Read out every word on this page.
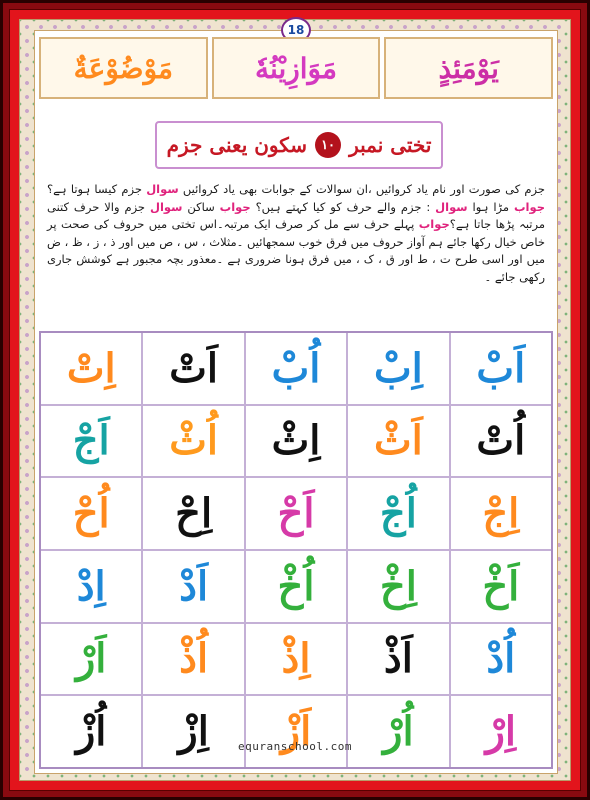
18
مَوْضُوْعَةٌ	مَوَازِيْنُهٗ	يَوْمَئِذٍ
تختی نمبر
١٠
سکون یعنی جزم
جزم کی صورت اور نام یاد کروائیں ،ان سوالات کے جوابات بھی یاد کروائیں سوال جزم کیسا ہوتا ہے؟جواب مڑا ہوا سوال : جزم والے حرف کو کیا کہتے ہیں؟ جواب ساکن سوال جزم والا حرف کتنی مرتبہ پڑھا جاتا ہے؟جواب پہلے حرف سے مل کر صرف ایک مرتبہ۔اس تختی میں حروف کی صحت پر خاص خیال رکھا جائے ہم آواز حروف میں فرق خوب سمجھائیں ۔مثلاث ، س ، ص میں اور ذ ، ز ، ظ ، ض میں اور اسی طرح ت ، ط اور ق ، ک ، میں فرق ہونا ضروری ہے ۔معذور بچہ مجبور ہے کوشش جاری رکھی جائے ۔
اِتْ	اَتْ	اُبْ	اِبْ	اَبْ
اَجْ	اُثْ	اِثْ	اَثْ	اُتْ
اُحْ	اِحْ	اَحْ	اُجْ	اِجْ
اِدْ	اَدْ	اُخْ	اِخْ	اَخْ
اَرْ	اُذْ	اِذْ	اَذْ	اُدْ
اُزْ	اِزْ	اَزْ	اُرْ	اِرْ
equranschool.com
